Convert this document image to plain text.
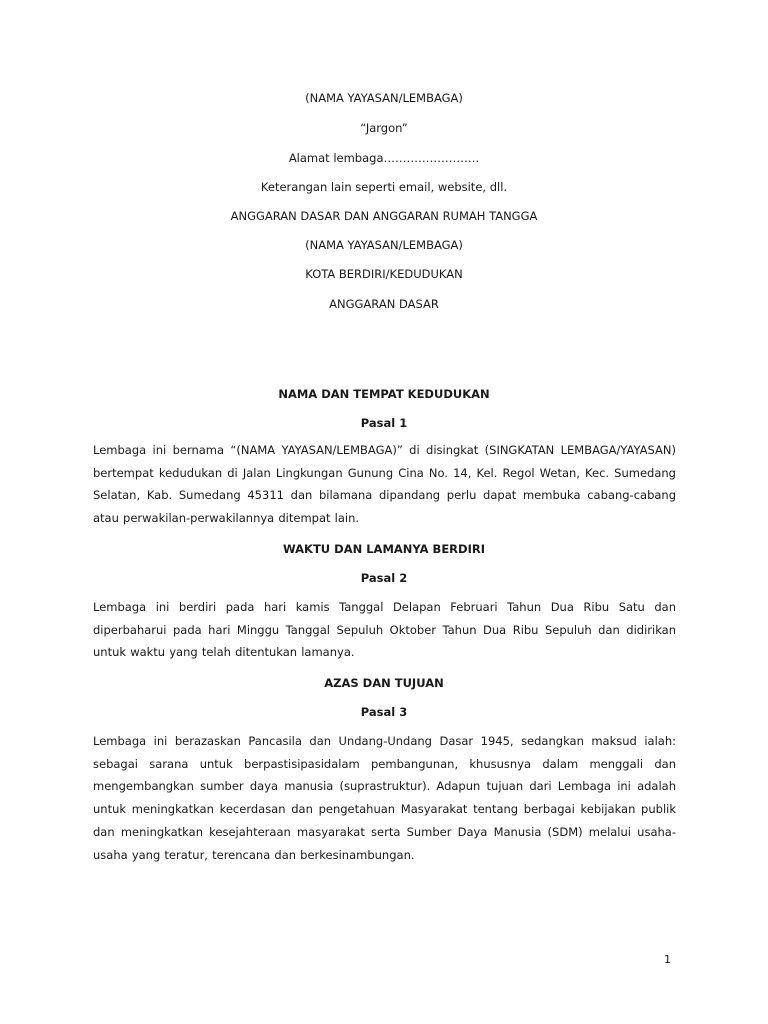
(NAMA YAYASAN/LEMBAGA)
“Jargon”
Alamat lembaga…………………….
Keterangan lain seperti email, website, dll.
ANGGARAN DASAR DAN ANGGARAN RUMAH TANGGA
(NAMA YAYASAN/LEMBAGA)
KOTA BERDIRI/KEDUDUKAN
ANGGARAN DASAR
NAMA DAN TEMPAT KEDUDUKAN
Pasal 1
Lembaga ini bernama “(NAMA YAYASAN/LEMBAGA)” di disingkat (SINGKATAN LEMBAGA/YAYASAN) bertempat kedudukan di Jalan Lingkungan Gunung Cina No. 14, Kel. Regol Wetan, Kec. Sumedang Selatan, Kab. Sumedang 45311 dan bilamana dipandang perlu dapat membuka cabang-cabang atau perwakilan-perwakilannya ditempat lain.
WAKTU DAN LAMANYA BERDIRI
Pasal 2
Lembaga ini berdiri pada hari kamis Tanggal Delapan Februari Tahun Dua Ribu Satu dan diperbaharui pada hari Minggu Tanggal Sepuluh Oktober Tahun Dua Ribu Sepuluh dan didirikan untuk waktu yang telah ditentukan lamanya.
AZAS DAN TUJUAN
Pasal 3
Lembaga ini berazaskan Pancasila dan Undang-Undang Dasar 1945, sedangkan maksud ialah: sebagai sarana untuk berpastisipasidalam pembangunan, khususnya dalam menggali dan mengembangkan sumber daya manusia (suprastruktur). Adapun tujuan dari Lembaga ini adalah untuk meningkatkan kecerdasan dan pengetahuan Masyarakat tentang berbagai kebijakan publik dan meningkatkan kesejahteraan masyarakat serta Sumber Daya Manusia (SDM) melalui usaha-usaha yang teratur, terencana dan berkesinambungan.
1
